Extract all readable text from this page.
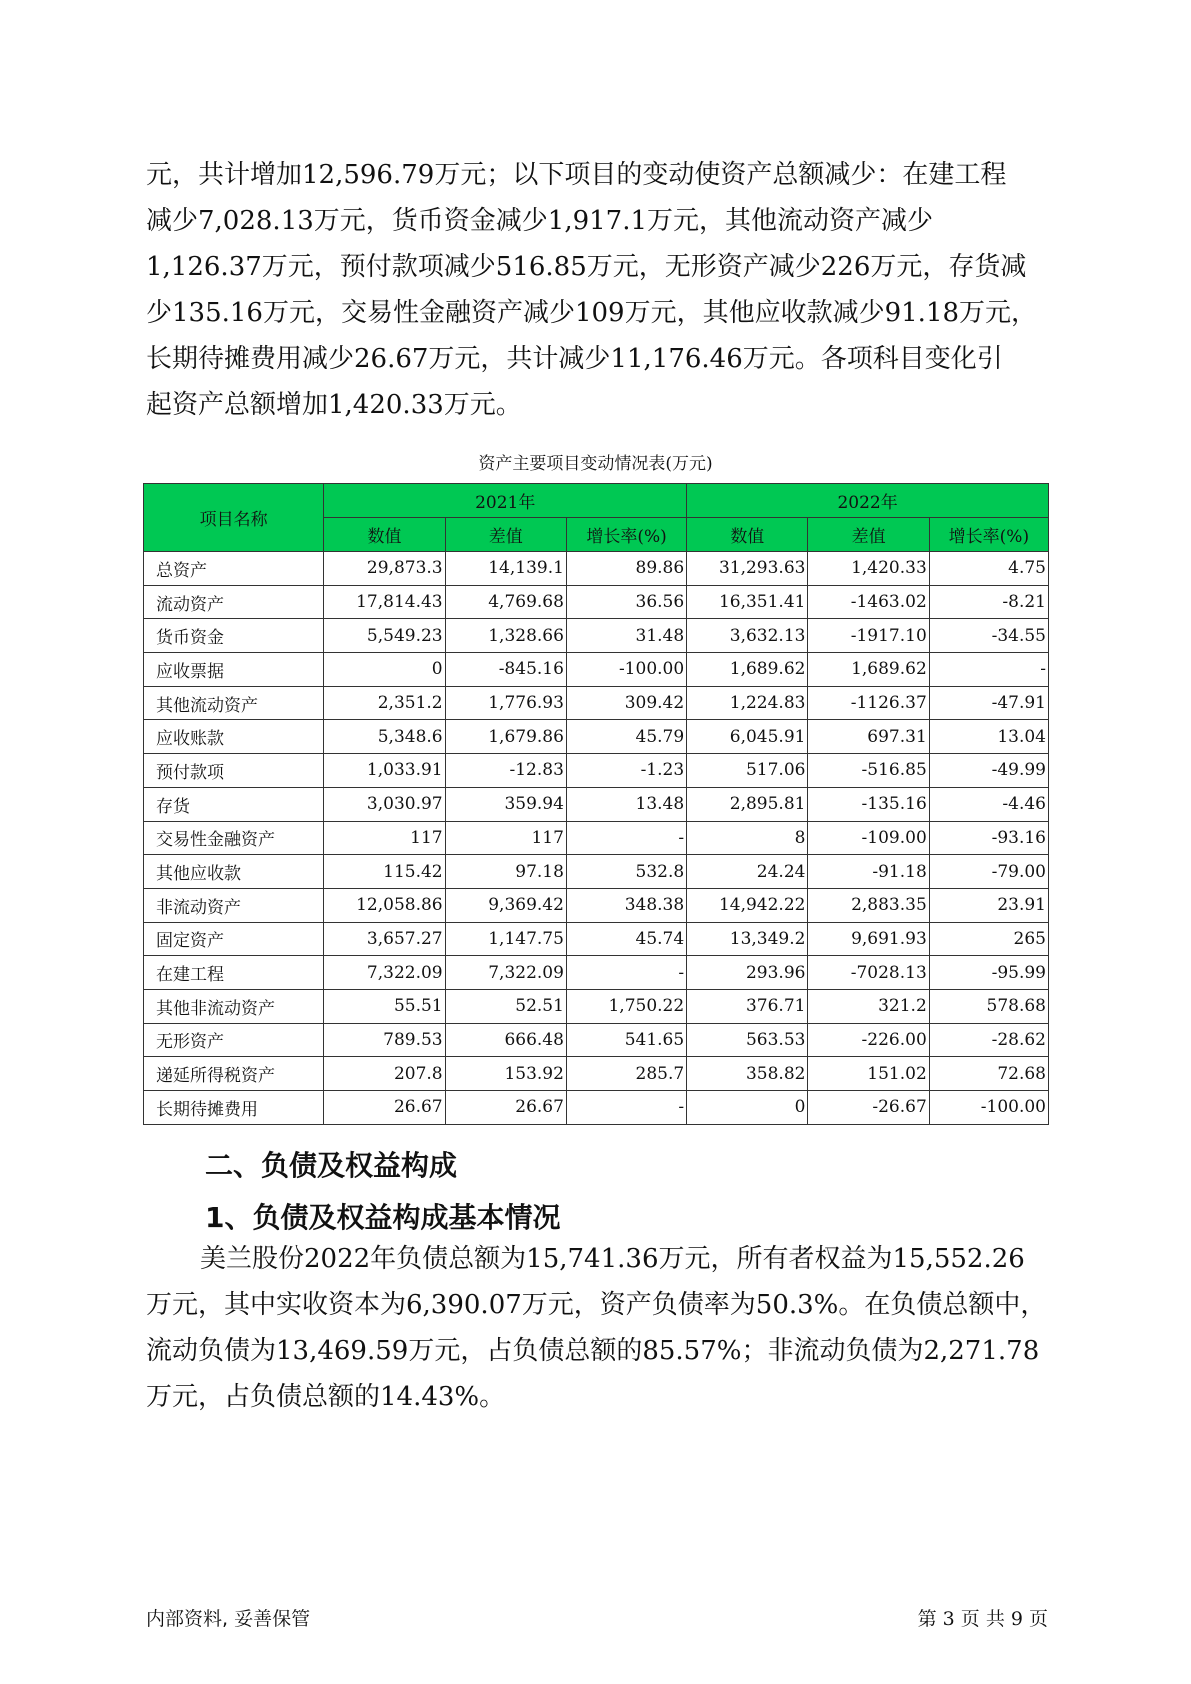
元，共计增加12,596.79万元；以下项目的变动使资产总额减少：在建工程
减少7,028.13万元，货币资金减少1,917.1万元，其他流动资产减少
1,126.37万元，预付款项减少516.85万元，无形资产减少226万元，存货减
少135.16万元，交易性金融资产减少109万元，其他应收款减少91.18万元，
长期待摊费用减少26.67万元，共计减少11,176.46万元。各项科目变化引
起资产总额增加1,420.33万元。

资产主要项目变动情况表(万元)
项目名称	2021年			2022年		
	数值	差值	增长率(%)	数值	差值	增长率(%)
总资产	29,873.3	14,139.1	89.86	31,293.63	1,420.33	4.75
流动资产	17,814.43	4,769.68	36.56	16,351.41	-1463.02	-8.21
货币资金	5,549.23	1,328.66	31.48	3,632.13	-1917.10	-34.55
应收票据	0	-845.16	-100.00	1,689.62	1,689.62	-
其他流动资产	2,351.2	1,776.93	309.42	1,224.83	-1126.37	-47.91
应收账款	5,348.6	1,679.86	45.79	6,045.91	697.31	13.04
预付款项	1,033.91	-12.83	-1.23	517.06	-516.85	-49.99
存货	3,030.97	359.94	13.48	2,895.81	-135.16	-4.46
交易性金融资产	117	117	-	8	-109.00	-93.16
其他应收款	115.42	97.18	532.8	24.24	-91.18	-79.00
非流动资产	12,058.86	9,369.42	348.38	14,942.22	2,883.35	23.91
固定资产	3,657.27	1,147.75	45.74	13,349.2	9,691.93	265
在建工程	7,322.09	7,322.09	-	293.96	-7028.13	-95.99
其他非流动资产	55.51	52.51	1,750.22	376.71	321.2	578.68
无形资产	789.53	666.48	541.65	563.53	-226.00	-28.62
递延所得税资产	207.8	153.92	285.7	358.82	151.02	72.68
长期待摊费用	26.67	26.67	-	0	-26.67	-100.00
二、负债及权益构成
1、负债及权益构成基本情况

美兰股份2022年负债总额为15,741.36万元，所有者权益为15,552.26
万元，其中实收资本为6,390.07万元，资产负债率为50.3%。在负债总额中，
流动负债为13,469.59万元，占负债总额的85.57%；非流动负债为2,271.78
万元，占负债总额的14.43%。

内部资料, 妥善保管	第 3 页 共 9 页
